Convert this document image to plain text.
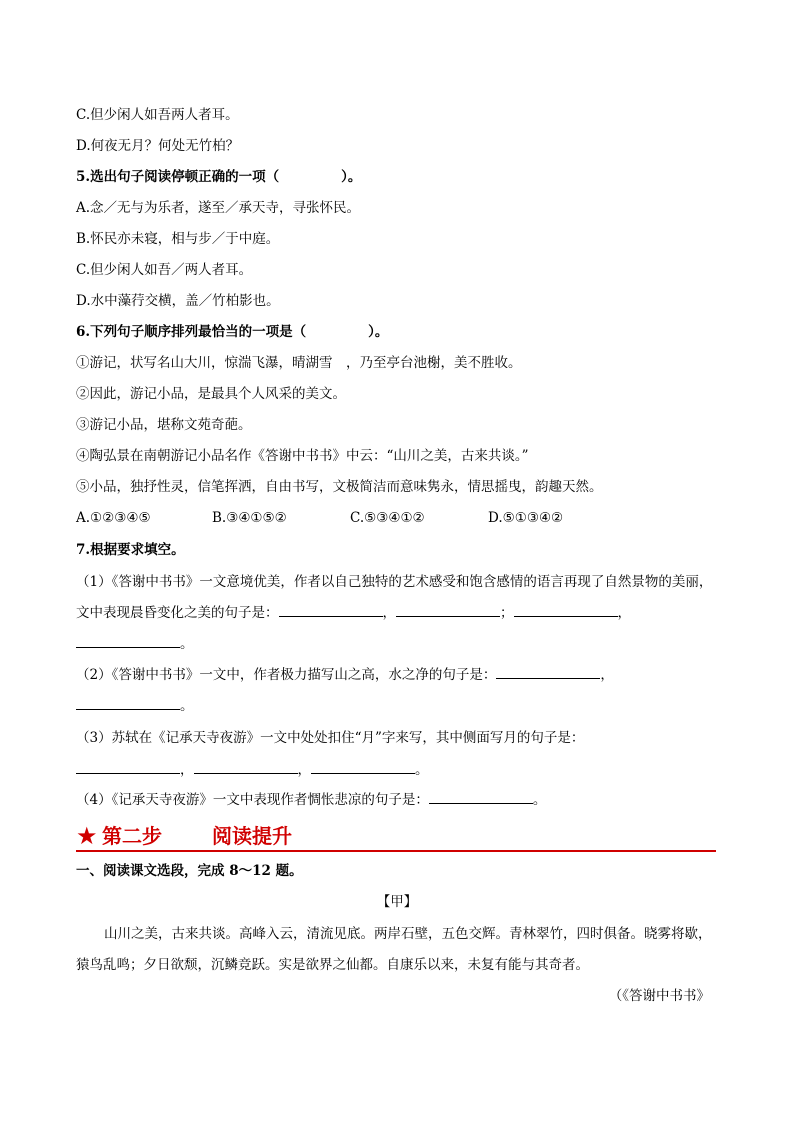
C.但少闲人如吾两人者耳。
D.何夜无月？何处无竹柏？
5.选出句子阅读停顿正确的一项（	）。
A.念／无与为乐者，遂至／承天寺，寻张怀民。
B.怀民亦未寝，相与步／于中庭。
C.但少闲人如吾／两人者耳。
D.水中藻荇交横，盖／竹柏影也。
6.下列句子顺序排列最恰当的一项是（	）。
①游记，状写名山大川，惊湍飞瀑，晴湖雪　，乃至亭台池榭，美不胜收。
②因此，游记小品，是最具个人风采的美文。
③游记小品，堪称文苑奇葩。
④陶弘景在南朝游记小品名作《答谢中书书》中云：“山川之美，古来共谈。”
⑤小品，独抒性灵，信笔挥洒，自由书写，文极简洁而意味隽永，情思摇曳，韵趣天然。
A.①②③④⑤	B.③④①⑤②	C.⑤③④①②	D.⑤①③④②
7.根据要求填空。
（1）《答谢中书书》一文意境优美，作者以自己独特的艺术感受和饱含感情的语言再现了自然景物的美丽，
文中表现晨昏变化之美的句子是：	，	；	，
。
（2）《答谢中书书》一文中，作者极力描写山之高，水之净的句子是：	，
。
（3）苏轼在《记承天寺夜游》一文中处处扣住“月”字来写，其中侧面写月的句子是：
，	，	。
（4）《记承天寺夜游》一文中表现作者惆怅悲凉的句子是：	。
★ 第二步	阅读提升
一、阅读课文选段，完成 8～12 题。
【甲】
山川之美，古来共谈。高峰入云，清流见底。两岸石壁，五色交辉。青林翠竹，四时俱备。晓雾将歇，
猿鸟乱鸣；夕日欲颓，沉鳞竞跃。实是欲界之仙都。自康乐以来，未复有能与其奇者。
（《答谢中书书》
